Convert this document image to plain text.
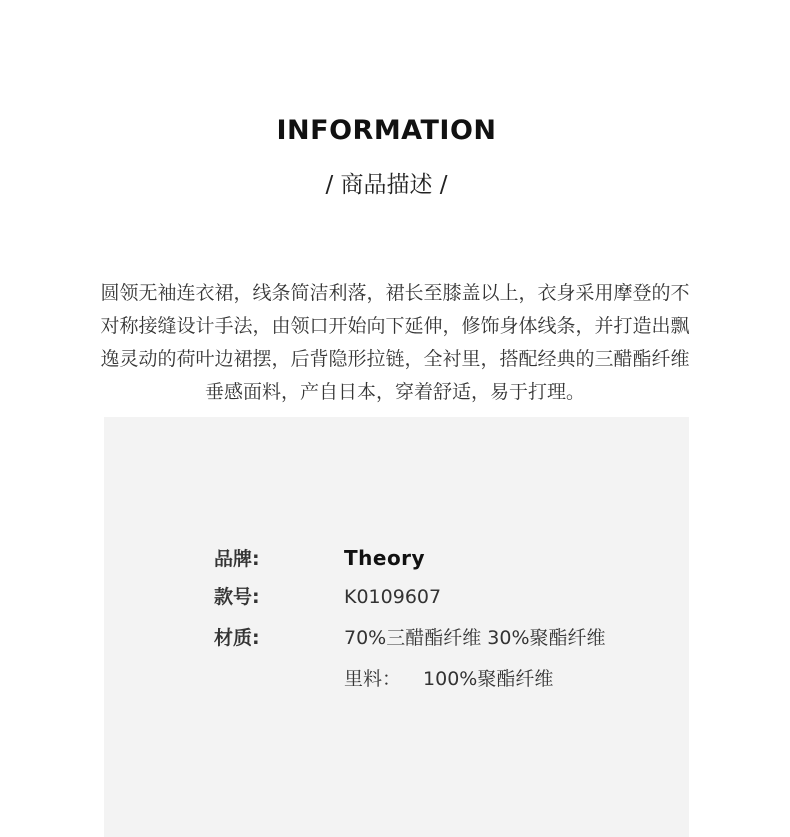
INFORMATION
/ 商品描述 /

圆领无袖连衣裙，线条简洁利落，裙长至膝盖以上，衣身采用摩登的不对称接缝设计手法，由领口开始向下延伸，修饰身体线条，并打造出飘逸灵动的荷叶边裙摆，后背隐形拉链，全衬里，搭配经典的三醋酯纤维垂感面料，产自日本，穿着舒适，易于打理。

品牌:	Theory
款号:	K0109607
材质:	70%三醋酯纤维 30%聚酯纤维
里料： 100%聚酯纤维
